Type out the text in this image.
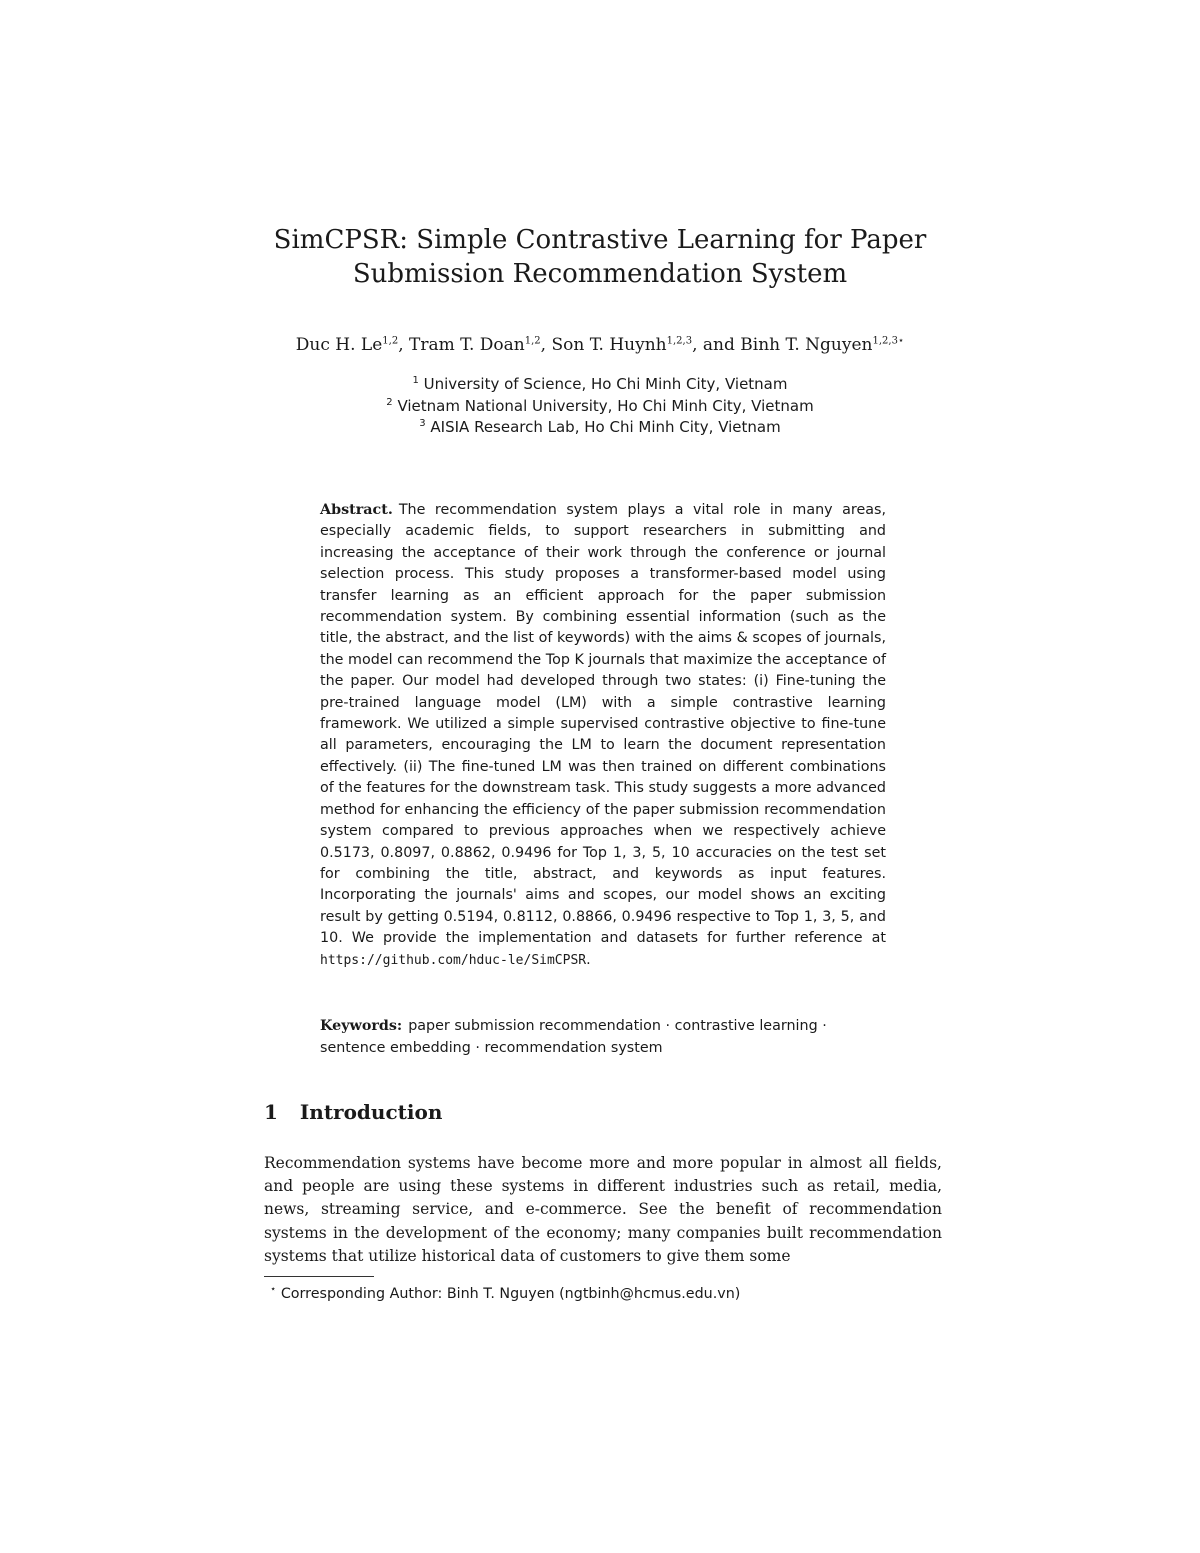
SimCPSR: Simple Contrastive Learning for Paper
Submission Recommendation System
Duc H. Le$^{1,2}$, Tram T. Doan$^{1,2}$, Son T. Huynh$^{1,2,3}$, and Binh T. Nguyen$^{1,2,3⋆}$
$^1$ University of Science, Ho Chi Minh City, Vietnam
$^2$ Vietnam National University, Ho Chi Minh City, Vietnam
$^3$ AISIA Research Lab, Ho Chi Minh City, Vietnam

Abstract. The recommendation system plays a vital role in many areas, especially academic fields, to support researchers in submitting and increasing the acceptance of their work through the conference or journal selection process. This study proposes a transformer-based model using transfer learning as an efficient approach for the paper submission recommendation system. By combining essential information (such as the title, the abstract, and the list of keywords) with the aims & scopes of journals, the model can recommend the Top K journals that maximize the acceptance of the paper. Our model had developed through two states: (i) Fine-tuning the pre-trained language model (LM) with a simple contrastive learning framework. We utilized a simple supervised contrastive objective to fine-tune all parameters, encouraging the LM to learn the document representation effectively. (ii) The fine-tuned LM was then trained on different combinations of the features for the downstream task. This study suggests a more advanced method for enhancing the efficiency of the paper submission recommendation system compared to previous approaches when we respectively achieve 0.5173, 0.8097, 0.8862, 0.9496 for Top 1, 3, 5, 10 accuracies on the test set for combining the title, abstract, and keywords as input features. Incorporating the journals' aims and scopes, our model shows an exciting result by getting 0.5194, 0.8112, 0.8866, 0.9496 respective to Top 1, 3, 5, and 10. We provide the implementation and datasets for further reference at https://github.com/hduc-le/SimCPSR.

Keywords: paper submission recommendation · contrastive learning · sentence embedding · recommendation system

1 Introduction

Recommendation systems have become more and more popular in almost all fields, and people are using these systems in different industries such as retail, media, news, streaming service, and e-commerce. See the benefit of recommendation systems in the development of the economy; many companies built recommendation systems that utilize historical data of customers to give them some

⋆ Corresponding Author: Binh T. Nguyen (ngtbinh@hcmus.edu.vn)
